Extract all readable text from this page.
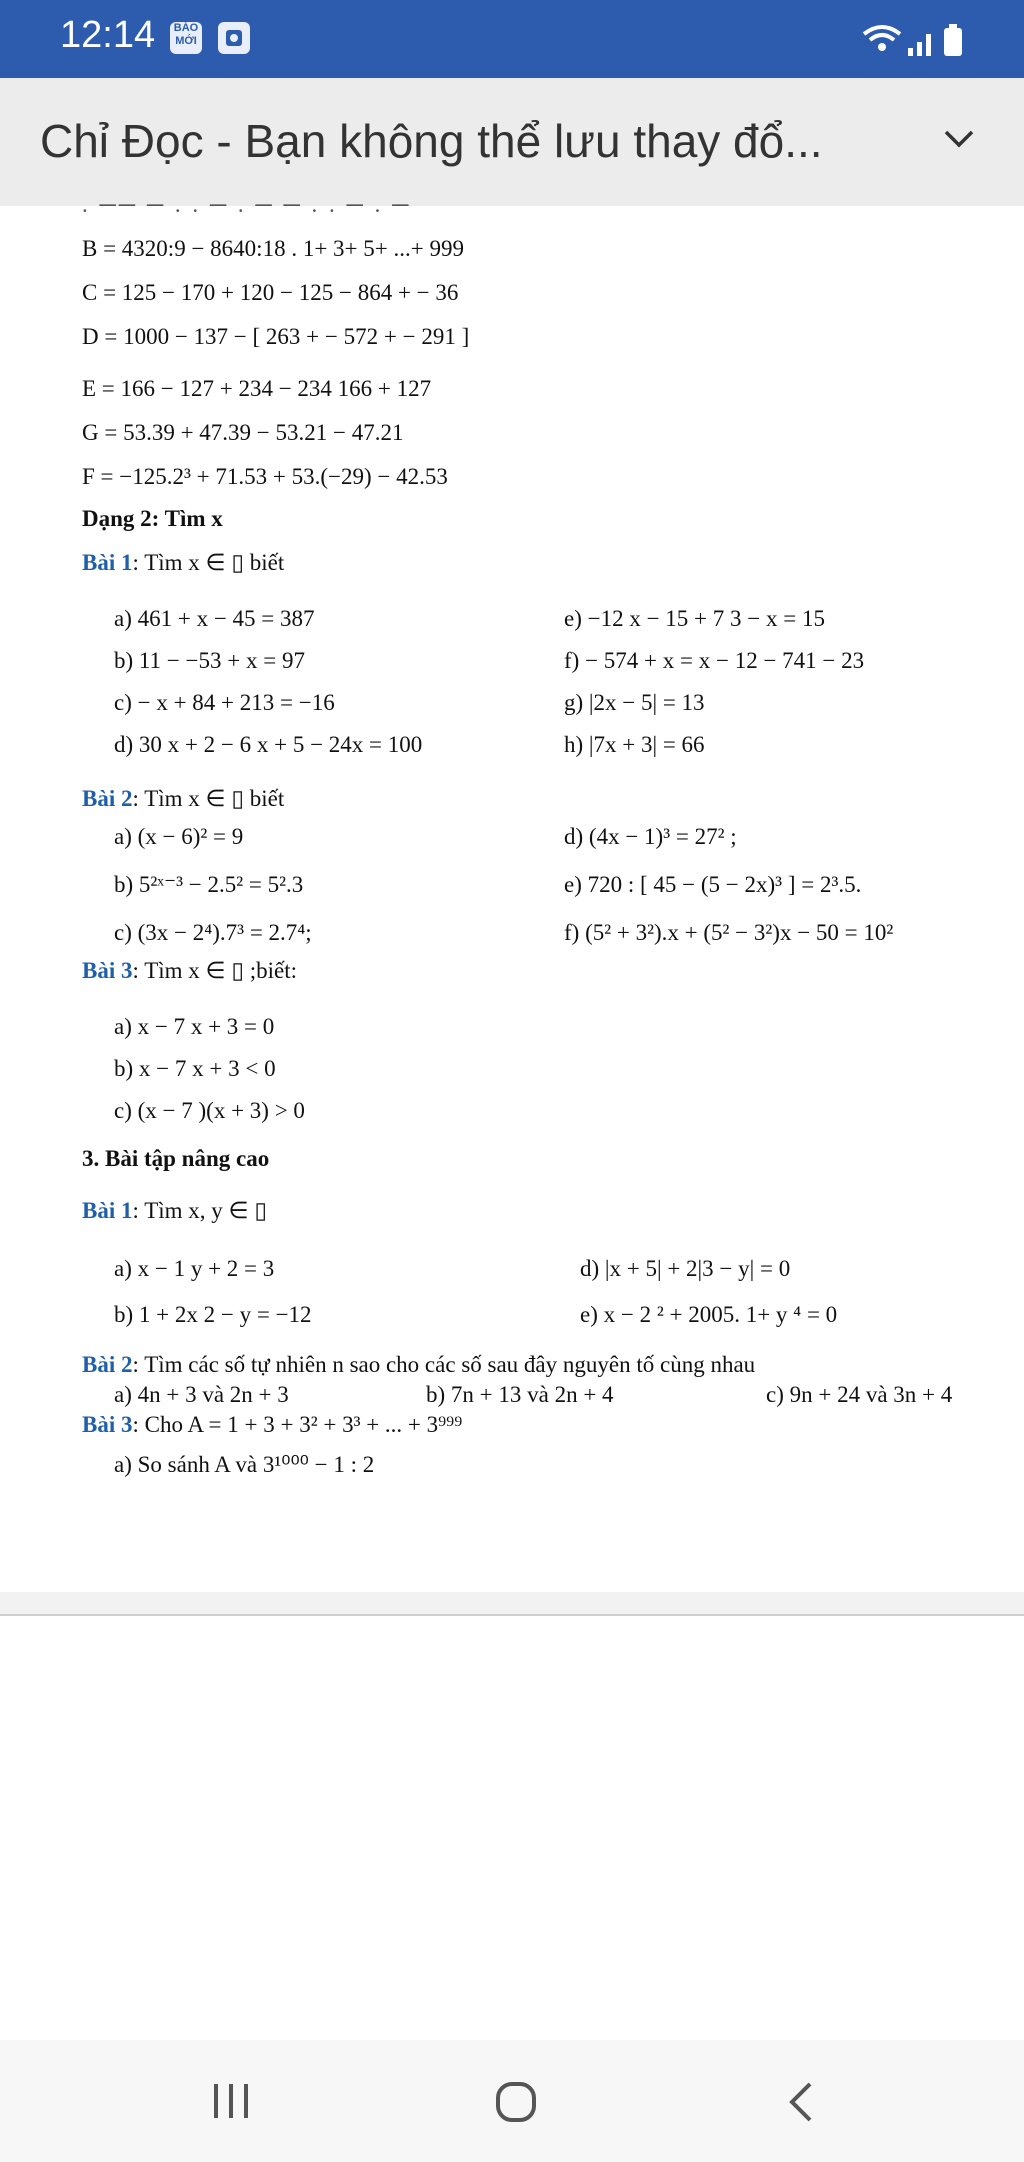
12:14	BÁO MỚI
Chỉ Đọc - Bạn không thể lưu thay đổ...
. ── ─ . . ─ . ─ ─ . . ─ . ─
B = 4320:9 − 8640:18 . 1+ 3+ 5+ ...+ 999
C = 125 − 170 + 120 − 125 − 864 + − 36
D = 1000 − 137 − [ 263 + − 572 + − 291 ]
E = 166 − 127 + 234 − 234 166 + 127
G = 53.39 + 47.39 − 53.21 − 47.21
F = −125.2³ + 71.53 + 53.(−29) − 42.53
Dạng 2: Tìm x
Bài 1: Tìm x ∈ ▯ biết
a) 461 + x − 45 = 387	e) −12 x − 15 + 7 3 − x = 15
b) 11 − −53 + x = 97	f) − 574 + x = x − 12 − 741 − 23
c) − x + 84 + 213 = −16	g) |2x − 5| = 13
d) 30 x + 2 − 6 x + 5 − 24x = 100	h) |7x + 3| = 66
Bài 2: Tìm x ∈ ▯ biết
a) (x − 6)² = 9	d) (4x − 1)³ = 27² ;
b) 5²ˣ⁻³ − 2.5² = 5².3	e) 720 : [ 45 − (5 − 2x)³ ] = 2³.5.
c) (3x − 2⁴).7³ = 2.7⁴;	f) (5² + 3²).x + (5² − 3²)x − 50 = 10²
Bài 3: Tìm x ∈ ▯ ;biết:
a) x − 7 x + 3 = 0
b) x − 7 x + 3 < 0
c) (x − 7 )(x + 3) > 0
3. Bài tập nâng cao
Bài 1: Tìm x, y ∈ ▯
a) x − 1 y + 2 = 3	d) |x + 5| + 2|3 − y| = 0
b) 1 + 2x 2 − y = −12	e) x − 2 ² + 2005. 1+ y ⁴ = 0
Bài 2: Tìm các số tự nhiên n sao cho các số sau đây nguyên tố cùng nhau
a) 4n + 3 và 2n + 3	b) 7n + 13 và 2n + 4	c) 9n + 24 và 3n + 4
Bài 3: Cho A = 1 + 3 + 3² + 3³ + ... + 3⁹⁹⁹
a) So sánh A và 3¹⁰⁰⁰ − 1 : 2
